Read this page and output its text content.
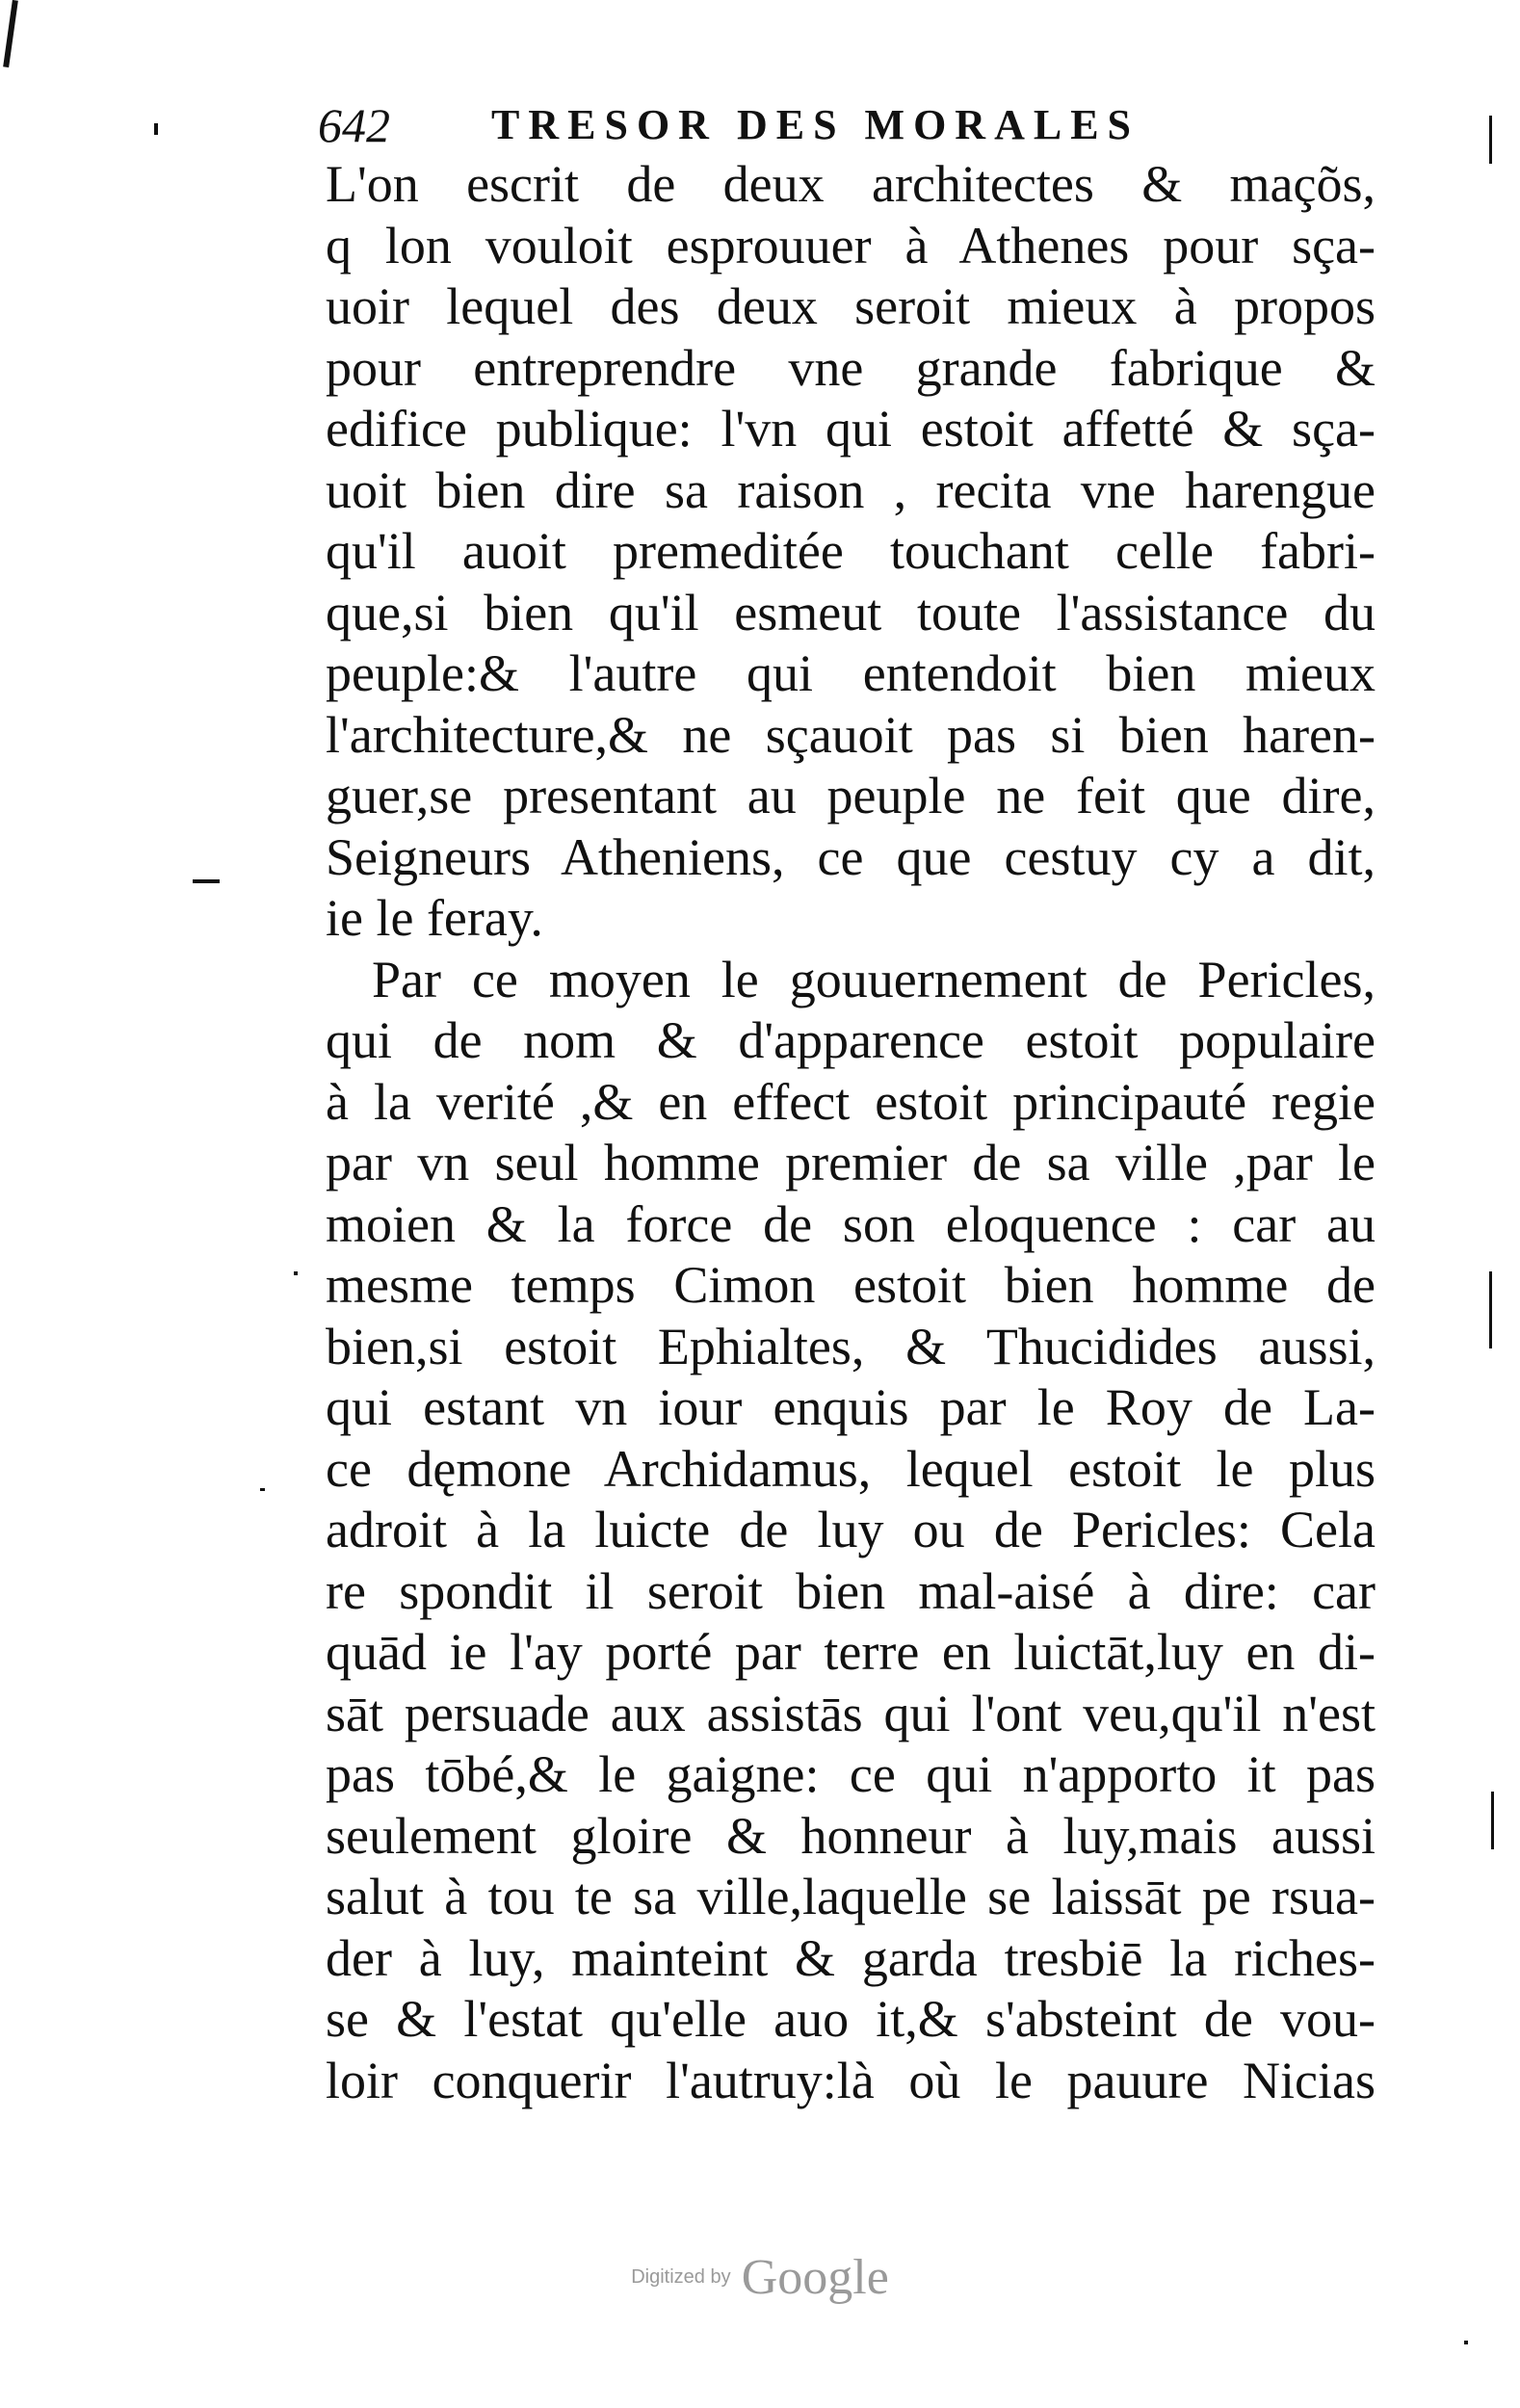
642 TRESOR DES MORALES
L'on escrit de deux architectes & maçõs,
q lon vouloit esprouuer à Athenes pour sça-
uoir lequel des deux seroit mieux à propos
pour entreprendre vne grande fabrique &
edifice publique: l'vn qui estoit affetté & sça-
uoit bien dire sa raison , recita vne harengue
qu'il auoit premeditée touchant celle fabri-
que,si bien qu'il esmeut toute l'assistance du
peuple:& l'autre qui entendoit bien mieux
l'architecture,& ne sçauoit pas si bien haren-
guer,se presentant au peuple ne feit que dire,
Seigneurs Atheniens, ce que cestuy cy a dit,
ie le feray.
Par ce moyen le gouuernement de Pericles,
qui de nom & d'apparence estoit populaire
à la verité ,& en effect estoit principauté regie
par vn seul homme premier de sa ville ,par le
moien & la force de son eloquence : car au
mesme temps Cimon estoit bien homme de
bien,si estoit Ephialtes, & Thucidides aussi,
qui estant vn iour enquis par le Roy de La-
ce dęmone Archidamus, lequel estoit le plus
adroit à la luicte de luy ou de Pericles: Cela
re spondit il seroit bien mal-aisé à dire: car
quād ie l'ay porté par terre en luictāt,luy en di-
sāt persuade aux assistās qui l'ont veu,qu'il n'est
pas tōbé,& le gaigne: ce qui n'apporto it pas
seulement gloire & honneur à luy,mais aussi
salut à tou te sa ville,laquelle se laissāt pe rsua-
der à luy, mainteint & garda tresbiē la riches-
se & l'estat qu'elle auo it,& s'absteint de vou-
loir conquerir l'autruy:là où le pauure Nicias
Digitized by Google
